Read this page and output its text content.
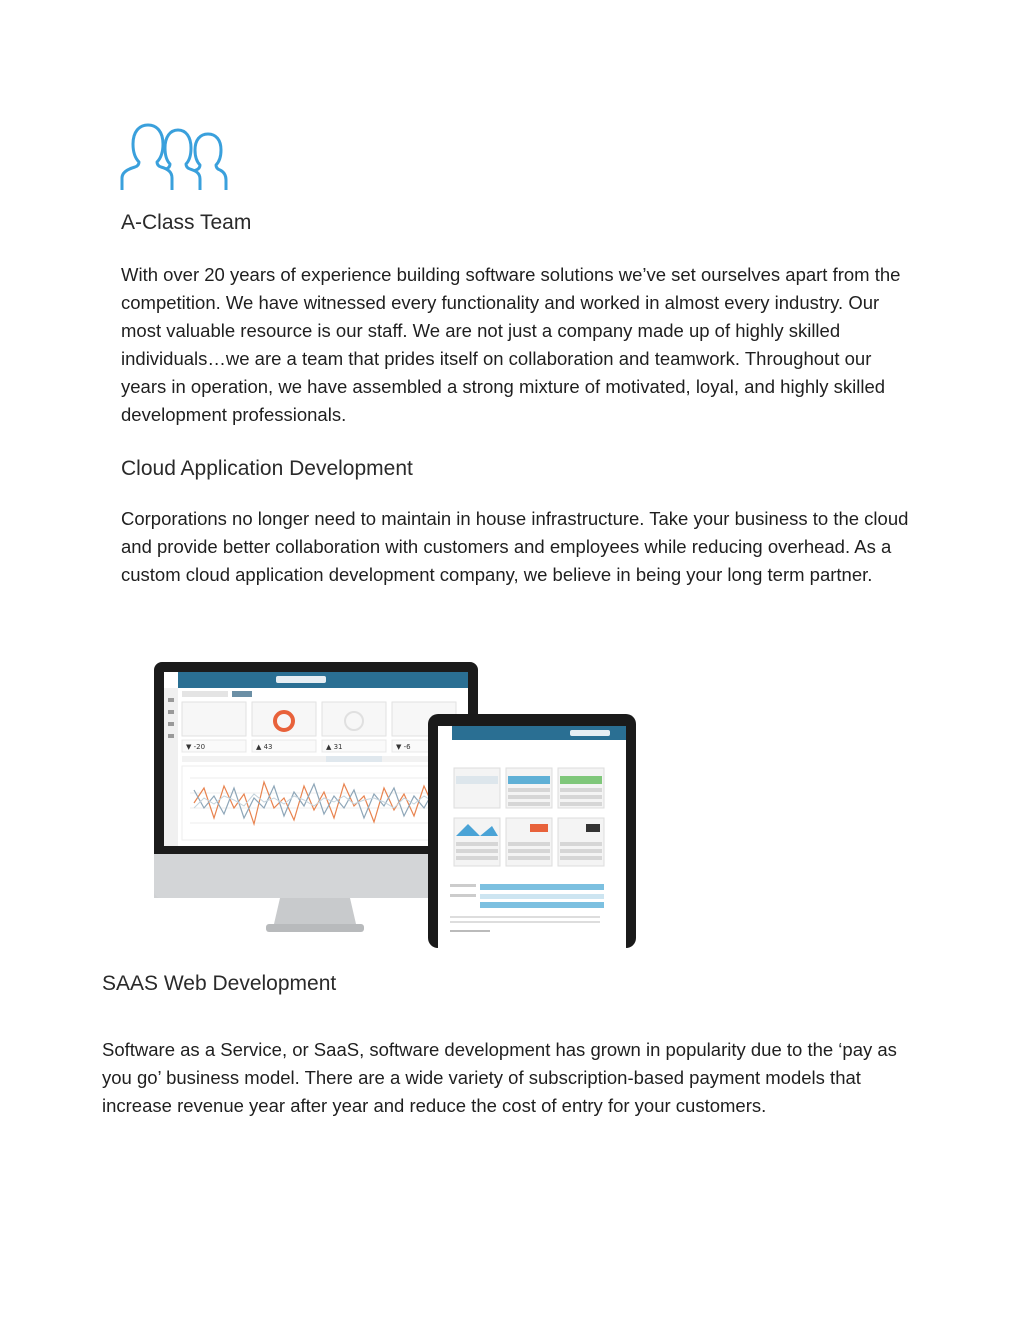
A-Class Team

With over 20 years of experience building software solutions we’ve set ourselves apart from the competition. We have witnessed every functionality and worked in almost every industry. Our most valuable resource is our staff. We are not just a company made up of highly skilled individuals…we are a team that prides itself on collaboration and teamwork. Throughout our years in operation, we have assembled a strong mixture of motivated, loyal, and highly skilled development professionals.

Cloud Application Development

Corporations no longer need to maintain in house infrastructure. Take your business to the cloud and provide better collaboration with customers and employees while reducing overhead. As a custom cloud application development company, we believe in being your long term partner.

▼ -20	▲ 43	▲ 31	▼ -6
SAAS Web Development

Software as a Service, or SaaS, software development has grown in popularity due to the ‘pay as you go’ business model. There are a wide variety of subscription-based payment models that increase revenue year after year and reduce the cost of entry for your customers.
